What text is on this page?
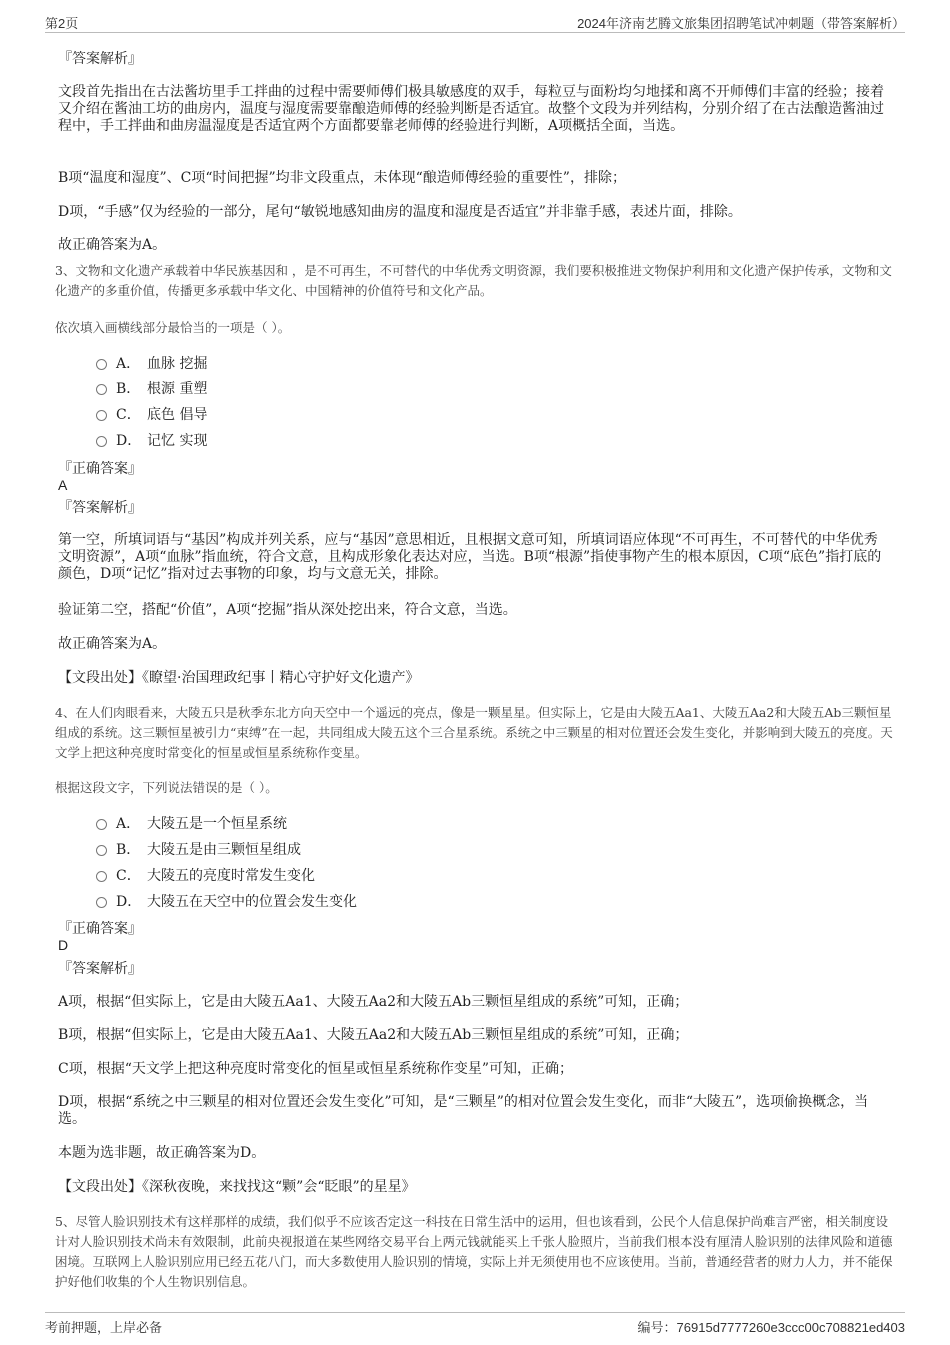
第2页	2024年济南艺腾文旅集团招聘笔试冲刺题（带答案解析）
『答案解析』
文段首先指出在古法酱坊里手工拌曲的过程中需要师傅们极具敏感度的双手，每粒豆与面粉均匀地揉和离不开师傅们丰富的经验；接着又介绍在酱油工坊的曲房内，温度与湿度需要靠酿造师傅的经验判断是否适宜。故整个文段为并列结构，分别介绍了在古法酿造酱油过程中，手工拌曲和曲房温湿度是否适宜两个方面都要靠老师傅的经验进行判断，A项概括全面，当选。
B项“温度和湿度”、C项“时间把握”均非文段重点，未体现“酿造师傅经验的重要性”，排除；
D项，“手感”仅为经验的一部分，尾句“敏锐地感知曲房的温度和湿度是否适宜”并非靠手感，表述片面，排除。
故正确答案为A。
3、文物和文化遗产承载着中华民族基因和 ，是不可再生，不可替代的中华优秀文明资源，我们要积极推进文物保护利用和文化遗产保护传承，文物和文化遗产的多重价值，传播更多承载中华文化、中国精神的价值符号和文化产品。
依次填入画横线部分最恰当的一项是（ ）。
A． 血脉 挖掘
B． 根源 重塑
C． 底色 倡导
D． 记忆 实现
『正确答案』
A
『答案解析』
第一空，所填词语与“基因”构成并列关系，应与“基因”意思相近，且根据文意可知，所填词语应体现“不可再生，不可替代的中华优秀文明资源”，A项“血脉”指血统，符合文意，且构成形象化表达对应，当选。B项“根源”指使事物产生的根本原因，C项“底色”指打底的颜色，D项“记忆”指对过去事物的印象，均与文意无关，排除。
验证第二空，搭配“价值”，A项“挖掘”指从深处挖出来，符合文意，当选。
故正确答案为A。
【文段出处】《瞭望·治国理政纪事丨精心守护好文化遗产》
4、在人们肉眼看来，大陵五只是秋季东北方向天空中一个遥远的亮点，像是一颗星星。但实际上，它是由大陵五Aa1、大陵五Aa2和大陵五Ab三颗恒星组成的系统。这三颗恒星被引力“束缚”在一起，共同组成大陵五这个三合星系统。系统之中三颗星的相对位置还会发生变化，并影响到大陵五的亮度。天文学上把这种亮度时常变化的恒星或恒星系统称作变星。
根据这段文字，下列说法错误的是（ ）。
A． 大陵五是一个恒星系统
B． 大陵五是由三颗恒星组成
C． 大陵五的亮度时常发生变化
D． 大陵五在天空中的位置会发生变化
『正确答案』
D
『答案解析』
A项，根据“但实际上，它是由大陵五Aa1、大陵五Aa2和大陵五Ab三颗恒星组成的系统”可知，正确；
B项，根据“但实际上，它是由大陵五Aa1、大陵五Aa2和大陵五Ab三颗恒星组成的系统”可知，正确；
C项，根据“天文学上把这种亮度时常变化的恒星或恒星系统称作变星”可知，正确；
D项，根据“系统之中三颗星的相对位置还会发生变化”可知，是“三颗星”的相对位置会发生变化，而非“大陵五”，选项偷换概念，当选。
本题为选非题，故正确答案为D。
【文段出处】《深秋夜晚，来找找这“颗”会“眨眼”的星星》
5、尽管人脸识别技术有这样那样的成绩，我们似乎不应该否定这一科技在日常生活中的运用，但也该看到，公民个人信息保护尚难言严密，相关制度设计对人脸识别技术尚未有效限制，此前央视报道在某些网络交易平台上两元钱就能买上千张人脸照片，当前我们根本没有厘清人脸识别的法律风险和道德困境。互联网上人脸识别应用已经五花八门，而大多数使用人脸识别的情境，实际上并无须使用也不应该使用。当前，普通经营者的财力人力，并不能保护好他们收集的个人生物识别信息。
考前押题，上岸必备	编号：76915d7777260e3ccc00c708821ed403
